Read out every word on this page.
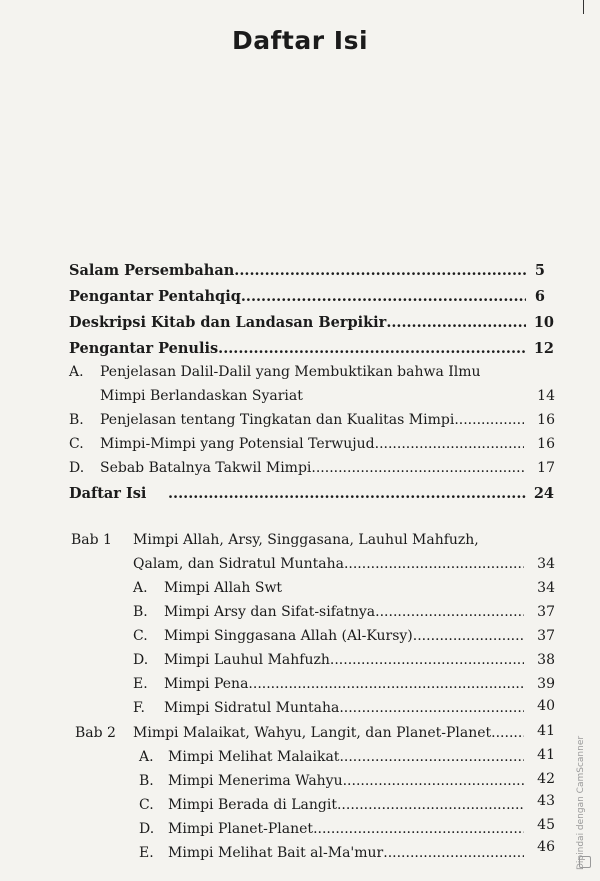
Daftar Isi
Salam Persembahan .....	5
Pengantar Pentahqiq .....	6
Deskripsi Kitab dan Landasan Berpikir .....	10
Pengantar Penulis .....	12
A. Penjelasan Dalil-Dalil yang Membuktikan bahwa Ilmu
Mimpi Berlandaskan Syariat	14
B. Penjelasan tentang Tingkatan dan Kualitas Mimpi .....	16
C. Mimpi-Mimpi yang Potensial Terwujud .....	16
D. Sebab Batalnya Takwil Mimpi .....	17
Daftar Isi .....	24
Bab 1 Mimpi Allah, Arsy, Singgasana, Lauhul Mahfuzh,
Qalam, dan Sidratul Muntaha .....	34
A. Mimpi Allah Swt	34
B. Mimpi Arsy dan Sifat-sifatnya .....	37
C. Mimpi Singgasana Allah (Al-Kursy) .....	37
D. Mimpi Lauhul Mahfuzh .....	38
E. Mimpi Pena .....	39
F. Mimpi Sidratul Muntaha .....	40
Bab 2 Mimpi Malaikat, Wahyu, Langit, dan Planet-Planet .....	41
A. Mimpi Melihat Malaikat .....	41
B. Mimpi Menerima Wahyu .....	42
C. Mimpi Berada di Langit .....	43
D. Mimpi Planet-Planet .....	45
E. Mimpi Melihat Bait al-Ma'mur .....	46 Dipindai dengan CamScanner
